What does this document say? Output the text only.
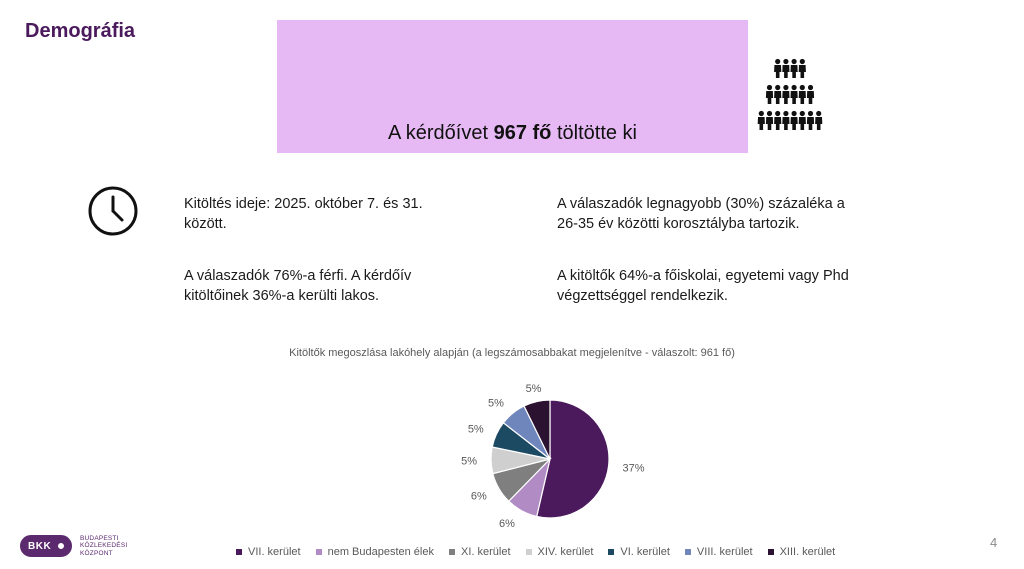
Demográfia
A kérdőívet 967 fő töltötte ki
Kitöltés ideje: 2025. október 7. és 31. között.
A válaszadók 76%-a férfi. A kérdőív kitöltőinek 36%-a kerülti lakos.
A válaszadók legnagyobb (30%) százaléka a 26-35 év közötti korosztályba tartozik.
A kitöltők 64%-a főiskolai, egyetemi vagy Phd végzettséggel rendelkezik.
Kitöltők megoszlása lakóhely alapján (a legszámosabbakat megjelenítve - válaszolt: 961 fő)
37%
6%
6%
5%
5%
5%
5%
VII. kerület nem Budapesten élek XI. kerület XIV. kerület VI. kerület VIII. kerület XIII. kerület
BKK
BUDAPESTI
KÖZLEKEDÉSI
KÖZPONT
4
